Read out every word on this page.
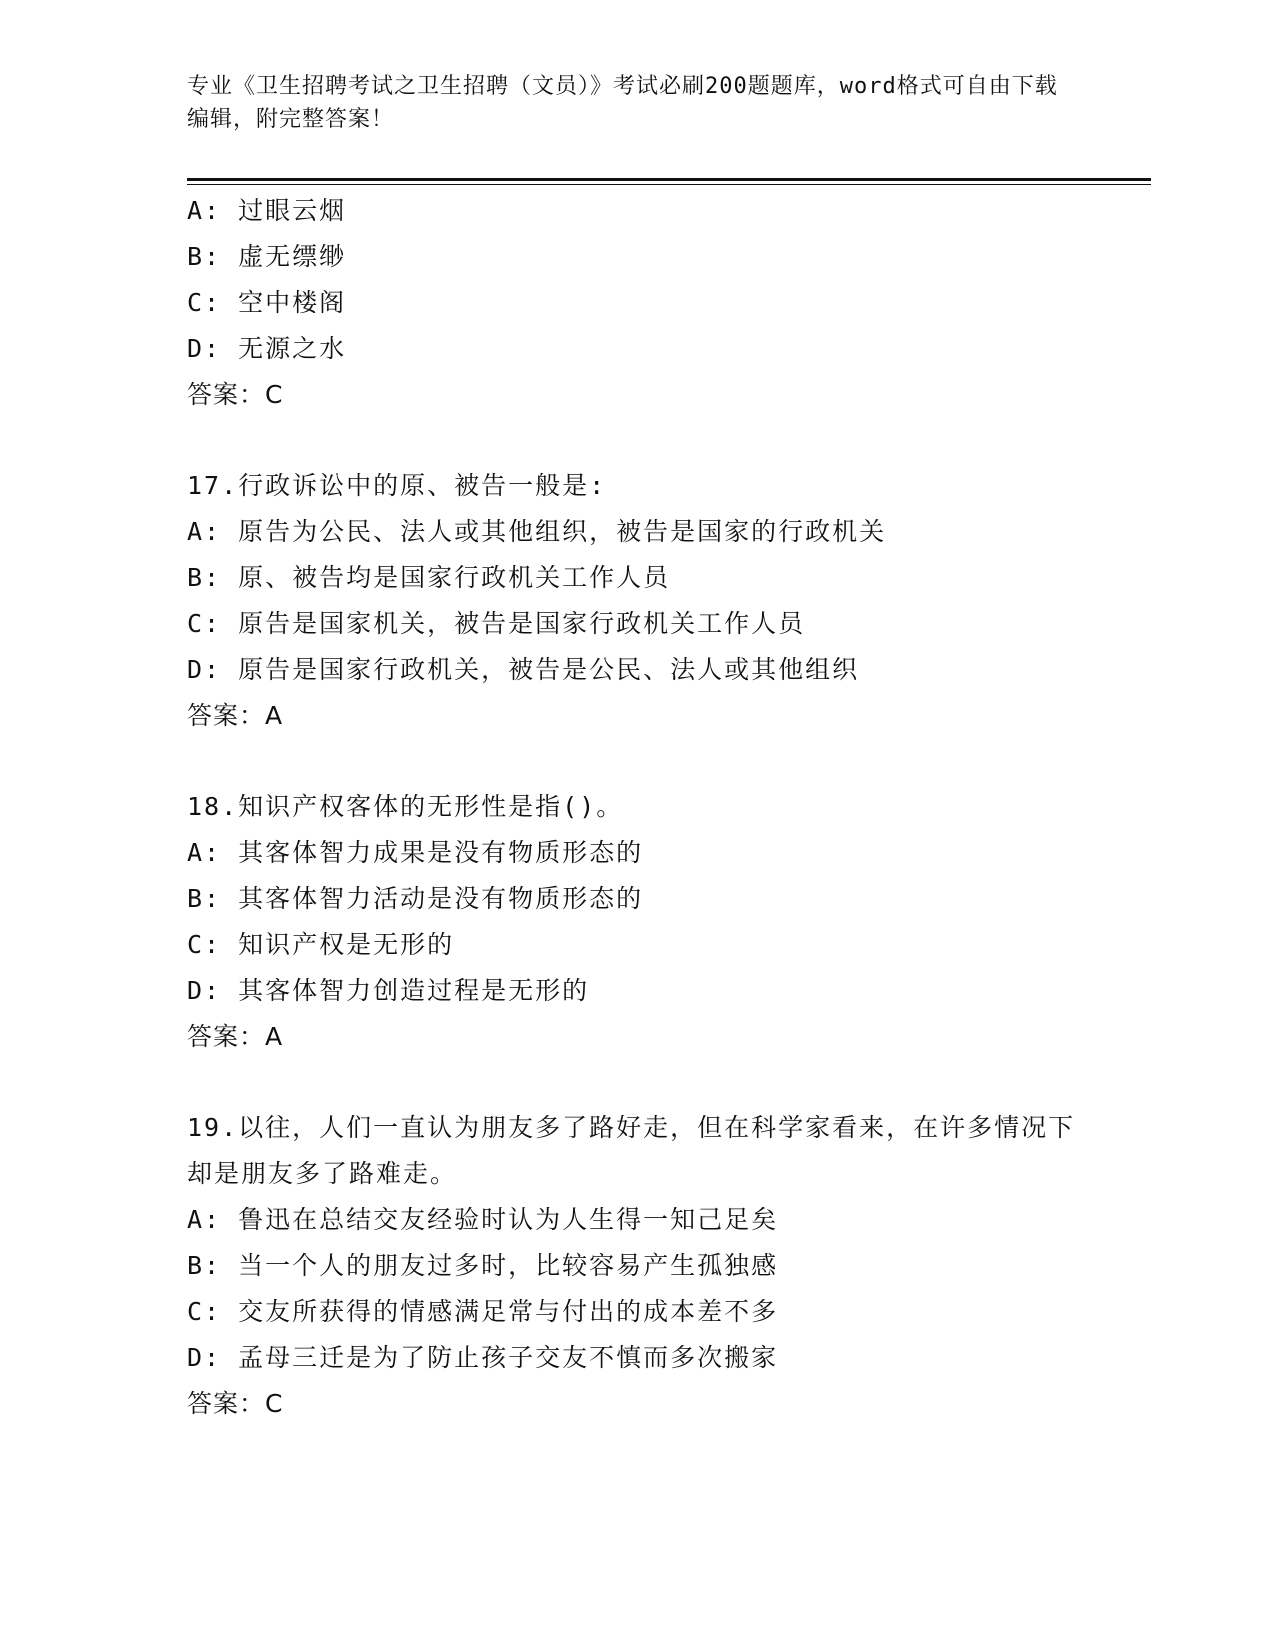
专业《卫生招聘考试之卫生招聘（文员）》考试必刷200题题库，word格式可自由下载编辑，附完整答案！
A: 过眼云烟
B: 虚无缥缈
C: 空中楼阁
D: 无源之水
答案：C
17.行政诉讼中的原、被告一般是:
A: 原告为公民、法人或其他组织，被告是国家的行政机关
B: 原、被告均是国家行政机关工作人员
C: 原告是国家机关，被告是国家行政机关工作人员
D: 原告是国家行政机关，被告是公民、法人或其他组织
答案：A
18.知识产权客体的无形性是指()。
A: 其客体智力成果是没有物质形态的
B: 其客体智力活动是没有物质形态的
C: 知识产权是无形的
D: 其客体智力创造过程是无形的
答案：A
19.以往，人们一直认为朋友多了路好走，但在科学家看来，在许多情况下却是朋友多了路难走。
A: 鲁迅在总结交友经验时认为人生得一知己足矣
B: 当一个人的朋友过多时，比较容易产生孤独感
C: 交友所获得的情感满足常与付出的成本差不多
D: 孟母三迁是为了防止孩子交友不慎而多次搬家
答案：C
